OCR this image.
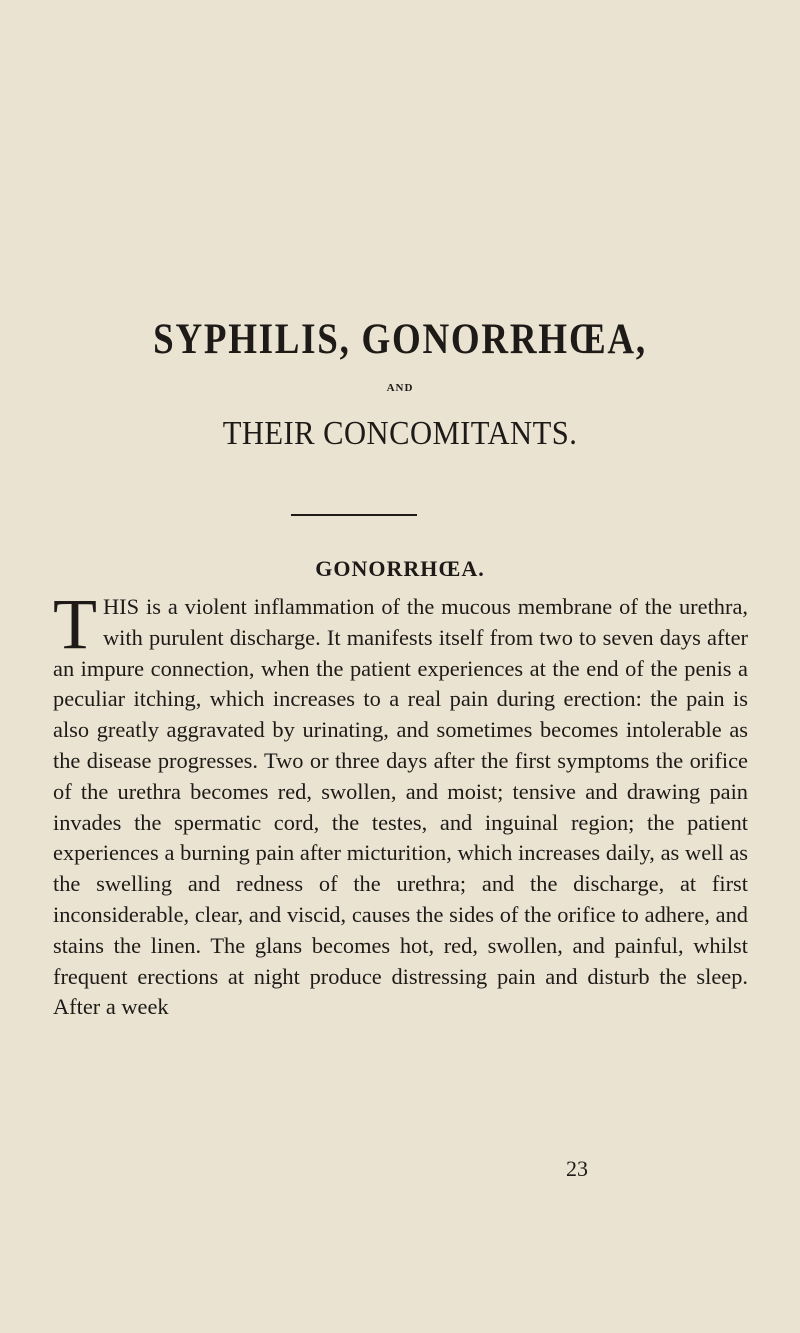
SYPHILIS, GONORRHŒA,
AND
THEIR CONCOMITANTS.
GONORRHŒA.
THIS is a violent inflammation of the mucous membrane of the urethra, with purulent discharge. It manifests itself from two to seven days after an impure connection, when the patient experiences at the end of the penis a peculiar itching, which increases to a real pain during erection: the pain is also greatly aggravated by urinating, and sometimes becomes intolerable as the disease progresses. Two or three days after the first symptoms the orifice of the urethra becomes red, swollen, and moist; tensive and drawing pain invades the spermatic cord, the testes, and inguinal region; the patient experiences a burning pain after micturition, which increases daily, as well as the swelling and redness of the urethra; and the discharge, at first inconsiderable, clear, and viscid, causes the sides of the orifice to adhere, and stains the linen. The glans becomes hot, red, swollen, and painful, whilst frequent erections at night produce distressing pain and disturb the sleep. After a week
23
